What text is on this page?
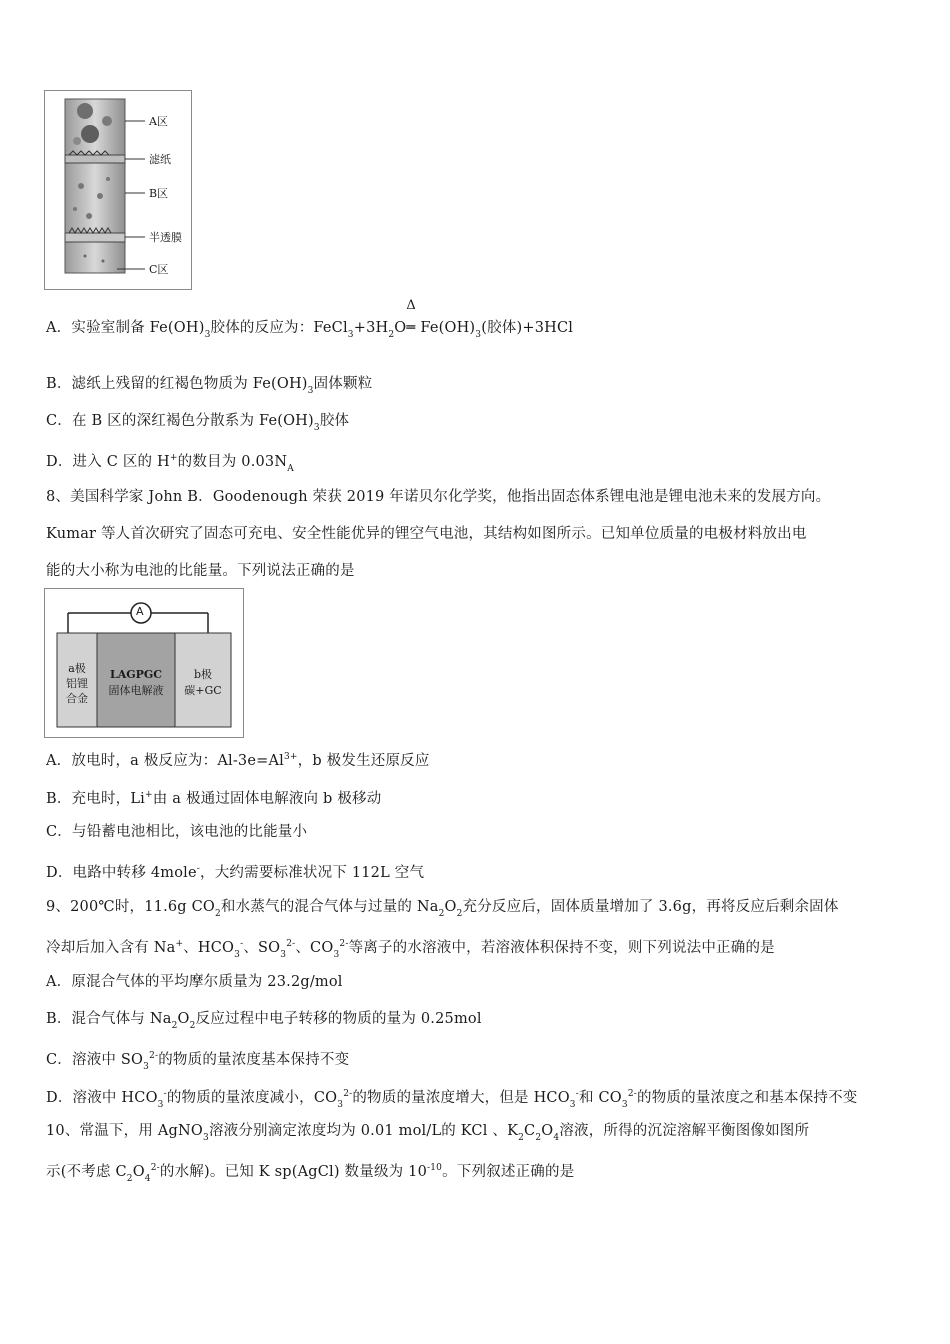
A区
滤纸
B区
半透膜
C区
A．实验室制备 $Fe(OH)_3$胶体的反应为：$FeCl_3+3H_2O$
Δ
═ $Fe(OH)_3$(胶体)+3HCl
B．滤纸上残留的红褐色物质为 $Fe(OH)_3$固体颗粒
C．在 B 区的深红褐色分散系为 $Fe(OH)_3$胶体
D．进入 C 区的 H+的数目为 $0.03N_A$
8、美国科学家 John B．Goodenough 荣获 2019 年诺贝尔化学奖，他指出固态体系锂电池是锂电池未来的发展方向。
Kumar 等人首次研究了固态可充电、安全性能优异的锂空气电池，其结构如图所示。已知单位质量的电极材料放出电
能的大小称为电池的比能量。下列说法正确的是
A
a极
铝锂
合金
LAGPGC
固体电解液
b极
碳+GC
A．放电时，a 极反应为：$Al-3e=Al^{3+}$，b 极发生还原反应
B．充电时，Li+由 a 极通过固体电解液向 b 极移动
C．与铅蓄电池相比，该电池的比能量小
D．电路中转移 4mole-，大约需要标准状况下 112L 空气
9、200℃时，11.6g $CO_2$和水蒸气的混合气体与过量的 $Na_2O_2$充分反应后，固体质量增加了 3.6g，再将反应后剩余固体
冷却后加入含有 Na+、$HCO_3^-$、$SO_3^{2-}$、$CO_3^{2-}$等离子的水溶液中，若溶液体积保持不变，则下列说法中正确的是
A．原混合气体的平均摩尔质量为 23.2g/mol
B．混合气体与 $Na_2O_2$反应过程中电子转移的物质的量为 0.25mol
C．溶液中 $SO_3^{2-}$的物质的量浓度基本保持不变
D．溶液中 $HCO_3^-$的物质的量浓度减小，$CO_3^{2-}$的物质的量浓度增大，但是 $HCO_3^-$和 $CO_3^{2-}$的物质的量浓度之和基本保持不变
10、常温下，用 AgNO$_3$溶液分别滴定浓度均为 0.01 mol/L的 KCl 、$K_2C_2O_4$溶液，所得的沉淀溶解平衡图像如图所
示(不考虑 $C_2O_4^{2-}$的水解)。已知 K sp(AgCl) 数量级为 $10^{-10}$。下列叙述正确的是
